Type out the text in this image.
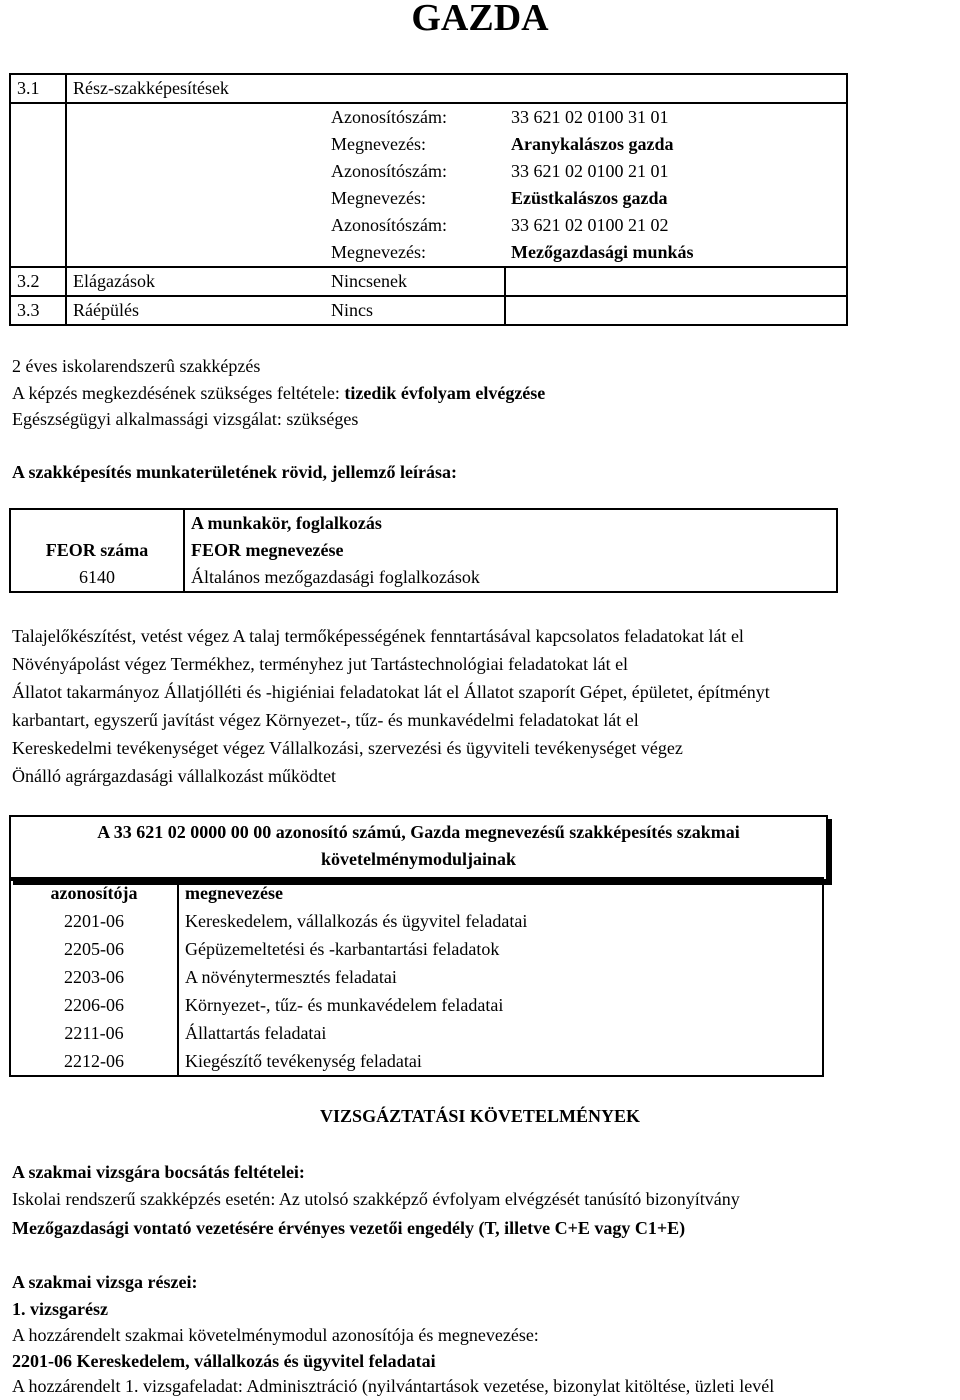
GAZDA
3.1	Rész-szakképesítések		
		Azonosítószám:	33 621 02 0100 31 01
		Megnevezés:	Aranykalászos gazda
		Azonosítószám:	33 621 02 0100 21 01
		Megnevezés:	Ezüstkalászos gazda
		Azonosítószám:	33 621 02 0100 21 02
		Megnevezés:	Mezőgazdasági munkás
3.2	Elágazások	Nincsenek	
3.3	Ráépülés	Nincs	
2 éves iskolarendszerû szakképzés
A képzés megkezdésének szükséges feltétele: tizedik évfolyam elvégzése
Egészségügyi alkalmassági vizsgálat: szükséges
A szakképesítés munkaterületének rövid, jellemző leírása:
	A munkakör, foglalkozás
FEOR száma	FEOR megnevezése
6140	Általános mezőgazdasági foglalkozások
Talajelőkészítést, vetést végez A talaj termőképességének fenntartásával kapcsolatos feladatokat lát el
Növényápolást végez Termékhez, terményhez jut Tartástechnológiai feladatokat lát el
Állatot takarmányoz Állatjólléti és -higiéniai feladatokat lát el Állatot szaporít Gépet, épületet, építményt
karbantart, egyszerű javítást végez Környezet-, tűz- és munkavédelmi feladatokat lát el
Kereskedelmi tevékenységet végez Vállalkozási, szervezési és ügyviteli tevékenységet végez
Önálló agrárgazdasági vállalkozást működtet
A 33 621 02 0000 00 00 azonosító számú, Gazda megnevezésű szakképesítés szakmai
követelménymoduljainak
azonosítója	megnevezése
2201-06	Kereskedelem, vállalkozás és ügyvitel feladatai
2205-06	Gépüzemeltetési és -karbantartási feladatok
2203-06	A növénytermesztés feladatai
2206-06	Környezet-, tűz- és munkavédelem feladatai
2211-06	Állattartás feladatai
2212-06	Kiegészítő tevékenység feladatai
VIZSGÁZTATÁSI KÖVETELMÉNYEK
A szakmai vizsgára bocsátás feltételei:
Iskolai rendszerű szakképzés esetén: Az utolsó szakképző évfolyam elvégzését tanúsító bizonyítvány
Mezőgazdasági vontató vezetésére érvényes vezetői engedély (T, illetve C+E vagy C1+E)
A szakmai vizsga részei:
1. vizsgarész
A hozzárendelt szakmai követelménymodul azonosítója és megnevezése:
2201-06 Kereskedelem, vállalkozás és ügyvitel feladatai
A hozzárendelt 1. vizsgafeladat: Adminisztráció (nyilvántartások vezetése, bizonylat kitöltése, üzleti levél
